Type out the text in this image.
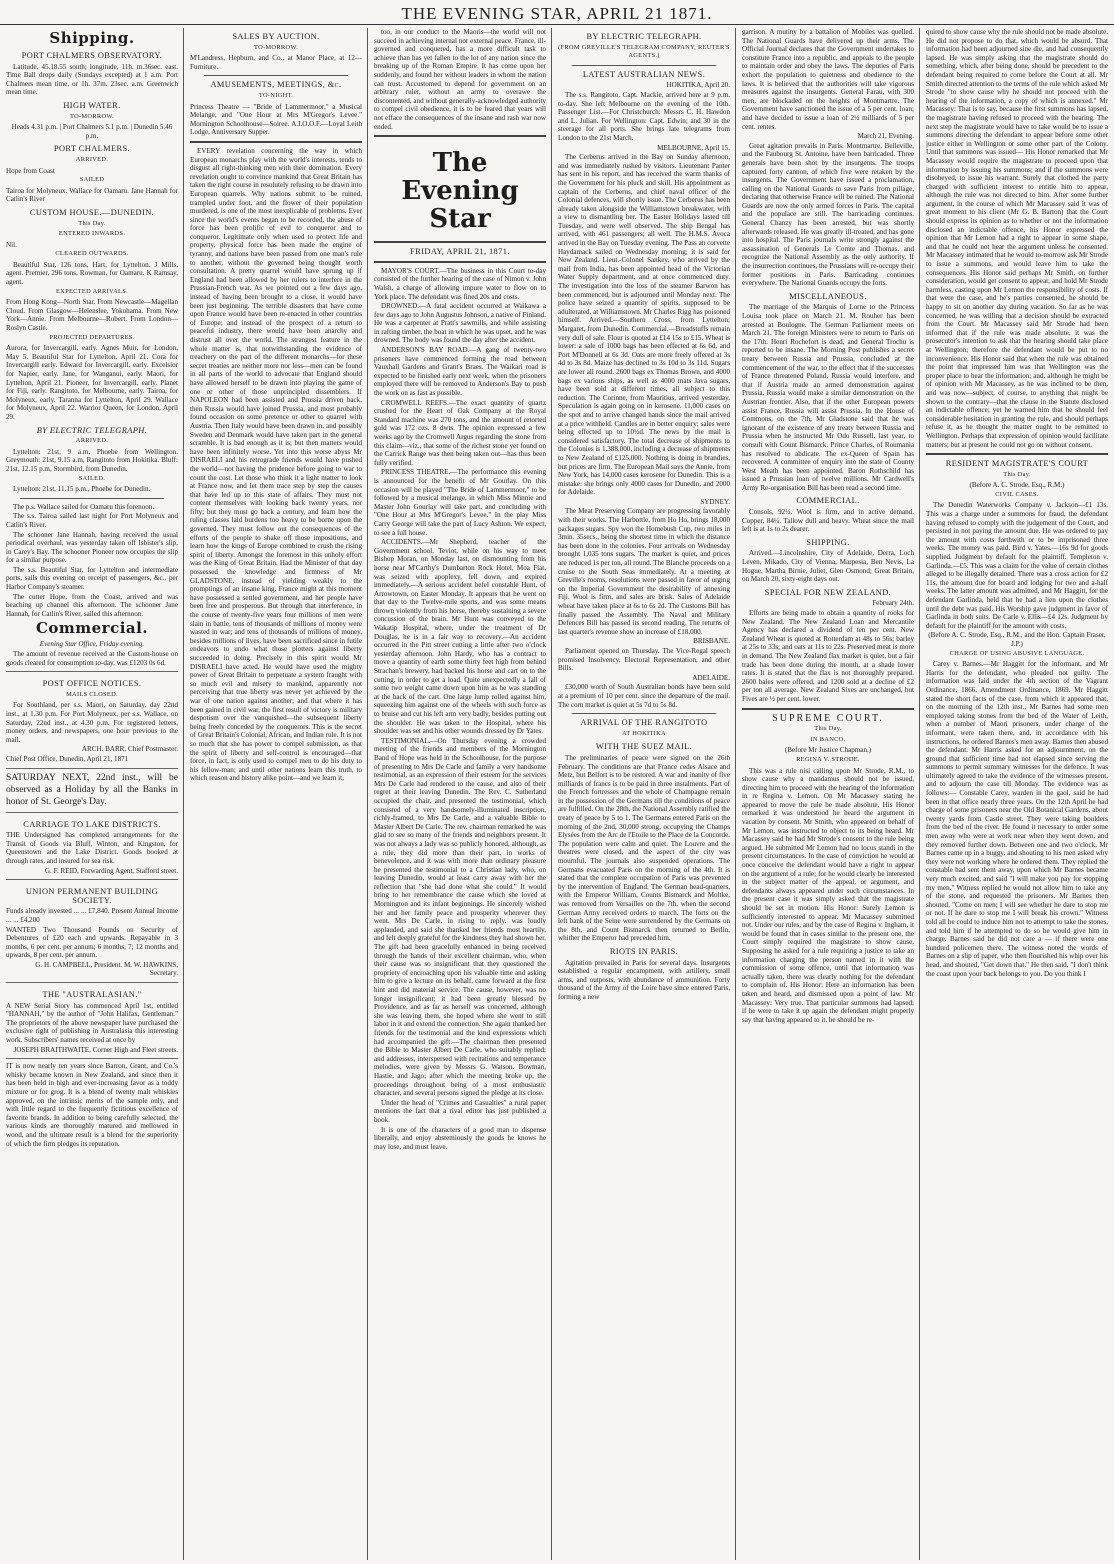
THE EVENING STAR, APRIL 21 1871.
Shipping.
PORT CHALMERS OBSERVATORY.

Latitude, 45.18.55 south; longitude, 11h. m.36sec. east. Time Ball drops daily (Sundays excepted) at 1 a.m. Port Chalmers mean time, or 1h. 37m. 23sec. a.m. Greenwich mean time.

HIGH WATER.
TO-MORROW.

Heads 4.31 p.m. | Port Chalmers 5.1 p.m. | Dunedin 5.46 p.m.

PORT CHALMERS.
ARRIVED.

Hope from Coast

SAILED

Tairoa for Molyneux. Wallace for Oamaru. Jane Hannah for Catlin's River

CUSTOM HOUSE.—DUNEDIN.
This Day.
ENTERED INWARDS.

Nil.

CLEARED OUTWARDS.

Beautiful Star, 126 tons, Hart, for Lyttelton. J Mills, agent. Premier, 296 tons, Rowman, for Oamaru. K Ramsay, agent.

EXPECTED ARRIVALS.

From Hong Kong—North Star. From Newcastle—Magellan Cloud. From Glasgow—Helenslee, Yokohama. From New York—Annie. From Melbourne—Robert. From London—Roslyn Castle.

PROJECTED DEPARTURES.

Aurora, for Invercargill, early. Agnes Muir, for London, May 5. Beautiful Star for Lyttelton, April 21. Cora for Invercargill early. Edward for Invercargill, early. Excelsior for Napier, early. Jane, for Wanganui, early. Maori, for Lyttelton, April 21. Pioneer, for Invercargill, early. Planet for Fiji, early. Rangitoto, for Melbourne, early. Tairoa, for Molyneux, early. Taranna for Lyttelton, April 29. Wallace for Molyneux, April 22. Warrior Queen, for London, April 29.

BY ELECTRIC TELEGRAPH.
ARRIVED.

Lyttelton: 21st, 9 a.m, Phoebe from Wellington. Greymouth: 21st, 9.15 a.m, Rangitoto from Hokitika. Bluff: 21st, 12.15 p.m, Stormbird, from Dunedin.

SAILED.

Lyttelton: 21st, 11.15 p.m., Phoebe for Dunedin.

The p.s. Wallace sailed for Oamaru this forenoon.

The s.s. Tairoa sailed last night for Port Molyneux and Catlin's River.

The schooner Jane Hannah, having received the usual periodical overhaul, was yesterday taken off Isbister's slip, in Carey's Bay. The schooner Pioneer now occupies the slip for a similar purpose.

The s.s. Beautiful Star, for Lyttelton and intermediate ports, sails this evening on receipt of passengers, &c., per Harbor Company's steamer.

The cutter Hope, from the Coast, arrived and was beaching up channel this afternoon. The schooner Jane Hannah, for Catlin's River, sailed this afternoon.

Commercial.

Evening Star Office, Friday evening.

The amount of revenue received at the Custom-house on goods cleared for consumption to-day, was £1203 0s 6d.

POST OFFICE NOTICES.
MAILS CLOSED.

For Southland, per s.s. Maori, on Saturday, day 22nd inst., at 1.30 p.m. For Port Molyneux, per s.s. Wallace, on Saturday, 22nd inst., at 4.30 p.m. For registered letters, money orders, and newspapers, one hour previous to the mail.

ARCH. BARR, Chief Postmaster.

Chief Post Office, Dunedin, April 21, 1871

SATURDAY NEXT, 22nd inst., will be observed as a Holiday by all the Banks in honor of St. George's Day.

CARRIAGE TO LAKE DISTRICTS.

THE Undersigned has completed arrangements for the Transit of Goods via Bluff, Winton, and Kingston, for Queenstown and the Lake District. Goods booked at through rates, and insured for sea risk.

G. F. REID, Forwarding Agent, Stafford street.

UNION PERMANENT BUILDING SOCIETY.

Funds already invested ... ... £7,840. Present Annual Income ... ... £4,200

WANTED Two Thousand Pounds on Security of Debentures of £20 each and upwards. Repayable in 3 months, 6 per cent. per annum; 6 months, 7; 12 months and upwards, 8 per cent. per annum.

G. H. CAMPBELL, President. M. W. HAWKINS, Secretary.

THE "AUSTRALASIAN."

A NEW Serial Story has commenced April 1st, entitled "HANNAH," by the author of "John Halifax, Gentleman." The proprietors of the above newspaper have purchased the exclusive right of publishing in Australasia this interesting work. Subscribers' names received at once by

JOSEPH BRAITHWAITE, Corner High and Fleet streets.

IT is now nearly ten years since Barron, Grant, and Co.'s whisky became known in New Zealand, and since then it has been held in high and ever-increasing favor as a toddy mixture or for grog. It is a blend of twenty malt whiskies approved, on the intrinsic merits of the sample only, and with little regard to the frequently fictitious excellence of favorite brands. In addition to being carefully selected, the various kinds are thoroughly matured and mellowed in wood, and the ultimate result is a blend for the superiority of which the firm pledges its reputation.

SALES BY AUCTION.
TO-MORROW.

M'Landress, Hepburn, and Co., at Manor Place, at 12—Furniture.

AMUSEMENTS, MEETINGS, &c.
TO-NIGHT.

Princess Theatre — "Bride of Lammermoor," a Musical Melange, and "One Hour at Mrs M'Gregor's Levee." Mornington Schoolhouse—Soiree. A.I.O.O.F.—Loyal Leith Lodge, Anniversary Supper.

EVERY revelation concerning the way in which European monarchs play with the world's interests, tends to disgust all right-thinking men with their domination. Every revelation ought to convince mankind that Great Britain has taken the right course in resolutely refusing to be drawn into European quarrels. Why nations submit to be ruined, trampled under foot, and the flower of their population murdered, is one of the most inexplicable of problems. Ever since the world's events began to be recorded, the abuse of force has been prolific of evil to conqueror and to conqueror. Legitimate only when used to protect life and property, physical force has been made the engine of tyranny, and nations have been passed from one man's rule to another, without the governed being thought worth consultation. A pretty quarrel would have sprung up if England had been allowed by her rulers to interfere in the Prussian-French war. As we pointed out a few days ago, instead of having been brought to a close, it would have been just beginning. The terrible disasters that have come upon France would have been re-enacted in other countries of Europe; and instead of the prospect of a return to peaceful industry, there would have been anarchy and distrust all over the world. The strangest feature in the whole matter is, that notwithstanding the evidence of treachery on the part of the different monarchs—for these secret treaties are neither more nor less—men can be found in all parts of the world to advocate that England should have allowed herself to be drawn into playing the game of one or other of those unprincipled dissemblers. If NAPOLEON had been assisted and Prussia driven back, then Russia would have joined Prussia, and most probably found occasion on some pretence or other to quarrel with Austria. Then Italy would have been drawn in, and possibly Sweden and Denmark would have taken part in the general scramble. It is bad enough as it is; but then matters would have been infinitely worse. Yet into this worse abyss Mr DISRAELI and his retrograde friends would have pushed the world—not having the prudence before going to war to count the cost. Let those who think it a light matter to look at France now, and let them trace step by step the causes that have led up to this state of affairs. They must not content themselves with looking back twenty years, nor fifty; but they must go back a century, and learn how the ruling classes laid burdens too heavy to be borne upon the governed. They must follow out the consequences of the efforts of the people to shake off those impositions, and learn how the kings of Europe combined to crush the rising spirit of liberty. Amongst the foremost in this unholy effort was the King of Great Britain. Had the Minister of that day possessed the knowledge and firmness of Mr GLADSTONE, instead of yielding weakly to the promptings of an insane king, France might at this moment have possessed a settled government, and her people have been free and prosperous. But through that interference, in the course of twenty-five years four millions of men were slain in battle, tens of thousands of millions of money were wasted in war; and tens of thousands of millions of money, besides millions of lives, have been sacrificed since in futile endeavors to undo what those plotters against liberty succeeded in doing. Precisely in this spirit would Mr DISRAELI have acted. He would have used the mighty power of Great Britain to perpetuate a system fraught with so much evil and misery to mankind, apparently not perceiving that true liberty was never yet achieved by the war of one nation against another; and that where it has been gained in civil war, the first result of victory is military despotism over the vanquished—the subsequent liberty being freely conceded by the conquerors. This is the secret of Great Britain's Colonial, African, and Indian rule. It is not so much that she has power to compel submission, as that the spirit of liberty and self-control is encouraged—that force, in fact, is only used to compel men to do his duty to his fellow-man; and until other nations learn this truth, to which reason and history alike point—and we learn it,

too, in our conduct to the Maoris—the world will not succeed in achieving internal nor external peace. France, ill-governed and conquered, has a more difficult task to achieve than has yet fallen to the lot of any nation since the breaking up of the Roman Empire. It has come upon her suddenly, and found her without leaders in whom the nation can trust. Accustomed to depend for government on an arbitrary ruler, without an army to overawe the discontented, and without generally-acknowledged authority to compel civil obedience, it is to be feared that years will not efface the consequences of the insane and rash war now ended.

The Evening Star
FRIDAY, APRIL 21, 1871.

MAYOR'S COURT.—The business in this Court to-day consisted of the further hearing of the case of Nimon v. John Walsh, a charge of allowing impure water to flow on to York place. The defendant was fined 20s and costs.

DROWNED.—A fatal accident occurred at Waikawa a few days ago to John Augustus Johnson, a native of Finland. He was a carpenter at Pratt's sawmills, and while assisting in rafting timber, the boat in which he was upset, and he was drowned. The body was found the day after the accident.

ANDERSON'S BAY ROAD.—A gang of twenty-two prisoners have commenced forming the road between Vauxhall Gardens and Grant's Braes. The Waikari road is expected to be finished early next week, when the prisoners employed there will be removed to Anderson's Bay to push the work on as fast as possible.

CROMWELL REEFS.—The exact quantity of quartz crushed for the Heart of Oak Company at the Royal Standard machine was 270 tons, and the amount of retorted gold was 172 ozs. 8 dwts. The opinion expressed a few weeks ago by the Cromwell Argus regarding the stone from this claim—viz., that some of the richest stone yet found on the Carrick Range was then being taken out—has thus been fully verified.

PRINCESS THEATRE.—The performance this evening is announced for the benefit of Mr Gourlay. On this occasion will be played "The Bride of Lammermoor," to be followed by a musical melange, in which Miss Minnie and Master John Gourlay will take part, and concluding with "One Hour at Mrs M'Gregor's Levee." In the play Miss Carry George will take the part of Lucy Ashton. We expect, to see a full house.

ACCIDENTS.—Mr Shepherd, teacher of the Government school, Teviot, while on his way to meet Bishop Moran, on Monday last, on dismounting from his horse near M'Carthy's Dumbarton Rock Hotel, Moa Flat, was seized with apoplexy, fell down, and expired immediately.—A serious accident befel constable Hunt, of Arrowtown, on Easter Monday. It appears that he went on that day to the Twelve-mile sports, and was some means thrown violently from his horse, thereby sustaining a severe concussion of the brain. Mr Hunt was conveyed to the Wakatip Hospital, where, under the treatment of Dr Douglas, he is in a fair way to recovery.—An accident occurred in the Pitt street cutting a little after two o'clock yesterday afternoon. John Hardy, who has a contract to move a quantity of earth some thirty feet high from behind Strachan's brewery, had backed his horse and cart on to the cutting, in order to get a load. Quite unexpectedly a fall of some two weight came down upon him as he was standing at the back of the cart. One large lump rolled against him, squeezing him against one of the wheels with such force as to bruise and cut his left arm very badly, besides putting out the shoulder. He was taken to the Hospital, where his shoulder was set and his other wounds dressed by Dr Yates.

TESTIMONIAL.—On Thursday evening a crowded meeting of the friends and members of the Mornington Band of Hope was held in the Schoolhouse, for the purpose of presenting to Mrs De Carle and family a very handsome testimonial, as an expression of their esteem for the services Mrs De Carle had rendered to the cause, and also of their regret at their leaving Dunedin. The Rev. C. Sutherland occupied the chair, and presented the testimonial, which consisted of a very handsomely-illuminated inscription, richly-framed, to Mrs De Carle, and a valuable Bible to Master Albert De Carle. The rev. chairman remarked he was glad to see so many of the friends and neighbors present. It was not always a lady was so publicly honored, although, as a rule, they did more than their part, in works of benevolence, and it was with more than ordinary pleasure he presented the testimonial to a Christian lady, who, on leaving Dunedin, would at least carry away with her the reflection that "she had done what she could." It would bring to her remembrance the cause which she loved at Mornington and its infant beginnings. He sincerely wished her and her family peace and prosperity wherever they went. Mrs De Carle, in rising to reply, was loudly applauded, and said she thanked her friends most heartily, and felt deeply grateful for the kindness they had shown her. The gift had been gracefully enhanced in being received through the hands of their excellent chairman, who, when their cause was so insignificant that they questioned the propriety of encroaching upon his valuable time and asking him to give a lecture on its behalf, came forward at the first hint and did material service. The cause, however, was no longer insignificant; it had been greatly blessed by Providence, and as far as herself was concerned, although she was leaving them, she hoped where she went to still labor in it and extend the connection. She again thanked her friends for the testimonial and the kind expressions which had accompanied the gift.—The chairman then presented the Bible to Master Albert De Carle, who suitably replied; and addresses, interspersed with recitations and temperance melodies, were given by Messrs G. Watson, Bowman, Hastie, and Jago; after which the meeting broke up, the proceedings throughout being of a most enthusiastic character, and several persons signed the pledge at its close.

Under the head of "Crimes and Casualties" a rural paper mentions the fact that a rival editor has just published a book.

It is one of the characters of a good man to dispense liberally, and enjoy abstemiously the goods he knows he may lose, and must leave.

BY ELECTRIC TELEGRAPH.
(FROM GREVILLE'S TELEGRAM COMPANY, REUTER'S AGENTS.)
LATEST AUSTRALIAN NEWS.

HOKITIKA, April 20.

The s.s. Rangitoto, Capt. Mackie, arrived here at 9 p.m. to-day. She left Melbourne on the evening of the 10th. Passenger List.—For Christchurch: Messrs C. H. Hawdon and L. Julian. For Wellington: Capt. Edwin; and 30 in the steerage for all ports. She brings late telegrams from London to the 21st March.

MELBOURNE, April 15.

The Cerberus arrived in the Bay on Sunday afternoon, and was immediately rushed by visitors. Lieutenant Panter has sent in his report, and has received the warm thanks of the Government for his pluck and skill. His appointment as captain of the Cerberus, and chief naval officer of the Colonial defences, will shortly issue. The Cerberus has been already taken alongside the Williamstown breakwater, with a view to dismantling her. The Easter Holidays lasted till Tuesday, and were well observed. The ship Bengal has arrived, with 461 passengers; all well. The H.M.S. Avoca arrived in the Bay on Tuesday evening. The Pass an corvette Haydamack sailed on Wednesday morning; it is said for New Zealand. Lieut.-Colonel Sankey, who arrived by the mail from India, has been appointed head of the Victorian Water Supply department, and at once commenced duty. The investigation into the loss of the steamer Barwon has been commenced, but is adjourned until Monday next. The police have seized a quantity of spirits, supposed to be adulterated, at Williamstown. Mr Charles Rigg has poisoned himself. Arrived.—Southern Cross, from Lyttelton; Margaret, from Dunedin. Commercial.—Breadstuffs remain very dull of sale. Flour is quoted at £14 15s to £15. Wheat is lower: a sale of 1000 bags has been effected at 6s 6d, and Port M'Donnell at 6s 3d. Oats are more freely offered at 3s 4d to 3s 8d. Maize has declined to 3s 10d to 3s 11d. Sugars are lower all round. 2600 bags ex Thomas Brown, and 4000 bags ex various ships, as well as 4000 mats Java sugars, have been sold at different times, all subject to this reduction. The Corinne, from Mauritius, arrived yesterday. Speculation is again going on in kerosene. 11,000 cases on the spot and to arrive changed hands since the mail arrived at a price withheld. Candles are in better enquiry; sales were being effected up to 10½d. The news by the mail is considered satisfactory. The total decrease of shipments to the Colonies is 1,388,000, including a decrease of shipments to New Zealand of £125,000. Nothing is doing in brandies, but prices are firm. The European Mail says the Annie, from New York, has 14,000 cases kerosene for Dunedin. This is a mistake: she brings only 4000 cases for Dunedin, and 2000 for Adelaide.

SYDNEY.

The Meat Preserving Company are progressing favorably with their works. The Harbottle, from Ho Ho, brings 18,000 packages sugars. Spy won the Homebush Cup, two miles in 3min. 35secs., being the shortest time in which the distance has been done in the colonies. Four arrivals on Wednesday brought 1,035 tons sugars. The market is quiet, and prices are reduced 1s per ton, all round. The Blanche proceeds on a cruise to the South Seas immediately. At a meeting at Greville's rooms, resolutions were passed in favor of urging on the Imperial Government the desirability of annexing Fiji. Wool is firm, and sales are brisk. Sales of Adelaide wheat have taken place at 6s to 6s 2d. The Customs Bill has finally passed the Assembly. The Naval and Military Defences Bill has passed its second reading. The returns of last quarter's revenue show an increase of £18,000.

BRISBANE.

Parliament opened on Thursday. The Vice-Regal speech promised Insolvency, Electoral Representation, and other Bills.

ADELAIDE.

£30,000 worth of South Australian bonds have been sold at a premium of 10 per cent. since the departure of the mail. The corn market is quiet at 5s 7d to 5s 8d.

ARRIVAL OF THE RANGITOTO
AT HOKITIKA
WITH THE SUEZ MAIL.

The preliminaries of peace were signed on the 26th February. The conditions are that France cedes Alsace and Metz, but Belfort is to be restored. A war and inanity of five milliards of francs is to be paid in three instalments. Part of the French fortresses and the whole of Champagne remain in the possession of the Germans till the conditions of peace are fulfilled. On the 28th, the National Assembly ratified the treaty of peace by 5 to 1. The Germans entered Paris on the morning of the 2nd, 30,000 strong, occupying the Champs Elysées from the Arc de l'Etoile to the Place de la Concorde. The population were calm and quiet. The Louvre and the theatres were closed, and the aspect of the city was mournful. The journals also suspended operations. The Germans evacuated Paris on the morning of the 4th. It is stated that the complete occupation of Paris was prevented by the intervention of England. The German head-quarters, with the Emperor William, Counts Bismarck and Moltke, was removed from Versailles on the 7th, when the second German Army received orders to march. The forts on the left bank of the Seine were surrendered by the Germans on the 8th, and Count Bismarck then returned to Berlin, whither the Emperor had preceded him.

RIOTS IN PARIS.

Agitation prevailed in Paris for several days. Insurgents established a regular encampment, with artillery, small arms, and outposts, with abundance of ammunition. Forty thousand of the Army of the Loire have since entered Paris, forming a new

garrison. A mutiny by a battalion of Mobiles was quelled. The National Guards have delivered up their arms. The Official Journal declares that the Government undertakes to constitute France into a republic, and appeals to the people to maintain order and obey the laws. The deputies of Paris exhort the population to quietness and obedience to the laws. It is believed that the authorities will take vigorous measures against the insurgents. General Farau, with 300 men, are blockaded on the heights of Montmartre. The Government have sanctioned the issue of a 5 per cent. loan; and have decided to issue a loan of 2½ milliards of 5 per cent. rentes.

March 21, Evening.

Great agitation prevails in Paris. Montmartre, Belleville, and the Faubourg St. Antoine, have been barricaded. Three generals have been shot by the insurgents. The troops captured forty cannon, of which five were retaken by the insurgents. The Government have issued a proclamation, calling on the National Guards to save Paris from pillage, declaring that otherwise France will be ruined. The National Guards are now the only armed forces in Paris. The capital and the populace are still. The barricading continues. General Chanzy has been arrested, but was shortly afterwards released. He was greatly ill-treated, and has gone into hospital. The Paris journals write strongly against the assassination of Generals Le Comte and Thomas, and recognize the National Assembly as the only authority. If the insurrection continues, the Prussians will re-occupy their former positions in Paris. Barricading continues everywhere. The National Guards occupy the forts.

MISCELLANEOUS.

The marriage of the Marquis of Lorne to the Princess Louisa took place on March 21. M. Rouher has been arrested at Boulogne. The German Parliament meets on March 21. The foreign Ministers were to return to Paris on the 17th. Henri Rochefort is dead, and General Trochu is reported to be insane. The Morning Post publishes a secret treaty between Russia and Prussia, concluded at the commencement of the war, to the effect that if the successes of France threatened Poland, Russia would interfere, and that if Austria made an armed demonstration against Prussia, Russia would make a similar demonstration on the Austrian frontier. Also, that if the other European powers assist France, Russia will assist Prussia. In the House of Commons, on the 7th, Mr Gladstone said that he was ignorant of the existence of any treaty between Russia and Prussia when he instructed Mr Odo Russell, last year, to consult with Count Bismarck. Prince Charles, of Roumania has resolved to abdicate. The ex-Queen of Spain has recovered. A committee of enquiry into the state of County West Meath has been appointed. Baron Rothschild has issued a Prussian loan of twelve millions. Mr Cardwell's Army Re-organisation Bill has been read a second time.

COMMERCIAL.

Consols, 92½. Wool is firm, and in active demand. Copper, 84¼. Tallow dull and heavy. Wheat since the mail left is at 1s to 2s dearer.

SHIPPING.

Arrived.—Lincolnshire, City of Adelaide, Derra, Loch Leven, Mikado, City of Vienna, Marpesia, Ben Nevis, La Hogue, Martha Birnie, Juliet, Glen Osmond; Great Britain, on March 20, sixty-eight days out.

SPECIAL FOR NEW ZEALAND.

February 24th.

Efforts are being made to obtain a quantity of rooks for New Zealand. The New Zealand Loan and Mercantile Agency has declared a dividend of ten per cent. New Zealand Wheat is quoted at Rotterdam at 48s to 56s; barley at 25s to 33s; and oats at 11s to 22s. Preserved meat is more in demand. The New Zealand flax market is quiet, but a fair trade has been done during the month, at a shade lower rates. It is stated that the flax is not thoroughly prepared. 2600 bales were offered, and 1200 sold at a decline of £2 per ton all average. New Zealand Sixes are unchanged, but Fives are ½ per cent. lower.

SUPREME COURT.
This Day.
IN BANCO.

(Before Mr Justice Chapman.)

REGINA V. STRODE.

This was a rule nisi calling upon Mr Strode, R.M., to show cause why a mandamus should not be issued, directing him to proceed with the hearing of the information in re Regina v. Lemon. On Mr Macassey stating he appeared to move the rule be made absolute, His Honor remarked it was understood he heard the argument in vacation by consent. Mr Smith, who appeared on behalf of Mr Lemon, was instructed to object to its being heard. Mr Macassey said he had Mr Strode's consent to the rule being argued. He submitted Mr Lemon had no locus standi in the present circumstances. In the case of conviction he would at once conceive the defendant would have a right to appear on the argument of a rule; for he would clearly be interested in the subject matter of the appeal, or argument, and defendants always appeared under such circumstances. In the present case it was simply asked that the magistrate should be set in motion. His Honor: Surely Lemon is sufficiently interested to appear. Mr Macassey submitted not. Under our rules, and by the case of Regina v. Ingham, it would be found that in cases similar to the present one, the Court simply required the magistrate to show cause. Supposing he asked for a rule requiring a justice to take an information charging the person named in it with the commission of some offence, until that information was actually taken, there was clearly nothing for the defendant to complain of. His Honor: Here an information has been taken and heard, and dismissed upon a point of law. Mr Macassey: Very true. That particular summons had lapsed; if he were to take it up again the defendant might properly say that having appeared to it, he should be re-

quired to show cause why the rule should not be made absolute. He did not propose to do that, which would be absurd. That information had been adjourned sine die, and had consequently lapsed. He was simply asking that the magistrate should do something, which, after being done, should be precedent to the defendant being required to come before the Court at all. Mr Smith directed attention to the terms of the rule which asked Mr Strode "to show cause why he should not proceed with the hearing of the information, a copy of which is annexed." Mr Macassey: That is to say, because the first summons has lapsed, the magistrate having refused to proceed with the hearing. The next step the magistrate would have to take would be to issue a summons directing the defendant to appear before some other justice either in Wellington or some other part of the Colony. Until that summons was issued— His Honor remarked that Mr Macassey would require the magistrate to proceed upon that information by issuing his summons; and if the summons were disobeyed, to issue his warrant. Surely that clothed the party charged with sufficient interest to entitle him to appear, although the rule was not directed to him. After some further argument, in the course of which Mr Macassey said it was of great moment to his client (Mr G. B. Barton) that the Court should express its opinion as to whether or not the information disclosed an indictable offence, his Honor expressed the opinion that Mr Lemon had a right to appear in some shape, and that he could not hear the argument unless he consented. Mr Macassey intimated that he would to-morrow ask Mr Strode to issue a summons, and would leave him to take the consequences. His Honor said perhaps Mr Smith, on further consideration, would get consent to appear, and hold Mr Strode harmless, casting upon Mr Lemon the responsibility of costs. If that were the case, and he's parties consented, he should be happy to sit on another day during vacation. So far as he was concerned, he was willing that a decision should be extracted from the Court. Mr Macassey said Mr Strode had been informed that if the rule was made absolute, it was the prosecutor's intention to ask that the hearing should take place at Wellington; therefore the defendant would be put to no inconvenience. His Honor said that when the rule was obtained the point that impressed him was that Wellington was the proper place to hear the information; and, although he might be of opinion with Mr Macassey, as he was inclined to be then, and was now—subject, of course, to anything that might be shown to the contrary—that the clause in the Statute disclosed an indictable offence; yet he warned him that he should feel considerable hesitation in granting the rule, and should perhaps refuse it, as he thought the matter ought to be remitted to Wellington. Perhaps that expression of opinion would facilitate matters; but at present he could not go on without consent.

RESIDENT MAGISTRATE'S COURT
This Day.

(Before A. C. Strode, Esq., R.M.)

CIVIL CASES.

The Dunedin Waterworks Company v. Jackson—£1 13s. This was a charge under a summons for fraud, the defendant having refused to comply with the judgement of the Court, and persisted in not paying the amount due. He was ordered to pay the amount with costs forthwith or to be imprisoned three weeks. The money was paid. Bird v. Yates.—16s 9d for goods supplied. Judgment by default for the plaintiff. Templeton v. Garlinda.—£5. This was a claim for the value of certain clothes alleged to be illegally detained. There was a cross action for £2 11s, the amount due for board and lodging for two and a-half weeks. The latter amount was admitted, and Mr Haggitt, for the defendant Garlinda, held that he had a lien upon the clothes until the debt was paid. His Worship gave judgment in favor of Garlinda in both suits. De Carle v. Ellis—£4 12s. Judgment by default for the plaintiff for the amount with costs.

(Before A. C. Strode, Esq., R.M., and the Hon. Captain Fraser, J.P.)

CHARGE OF USING ABUSIVE LANGUAGE.

Carey v. Barnes.—Mr Haggitt for the informant, and Mr Harris for the defendant, who pleaded not guilty. The information was laid under the 4th section of the Vagrant Ordinance, 1866, Amendment Ordinance, 1869. Mr Haggitt stated the short facts of the case, from which it appeared that, on the morning of the 12th inst., Mr Barnes had some men employed taking stones from the bed of the Water of Leith, when a number of Maori prisoners, under charge of the informant, were taken there, and, in accordance with his instructions, he ordered Barnes's men away. Barnes then abused the defendant. Mr Harris asked for an adjournment, on the ground that sufficient time had not elapsed since serving the summons to permit summary witnesses for the defence. It was ultimately agreed to take the evidence of the witnesses present, and to adjourn the case till Monday. The evidence was as follows:— Constable Carey, warden in the gaol, said he had been in that office nearly three years. On the 12th April he had charge of some prisoners near the Old Botanical Gardens, about twenty yards from Castle street. They were taking boulders from the bed of the river. He found it necessary to order some men away who were at work near when they went down, and they removed further down. Between one and two o'clock, Mr Barnes came up in a buggy, and shouting to his men asked why they were not working where he ordered them. They replied the constable had sent them away, upon which Mr Barnes became very much excited, and said "I will make you pay for stopping my men." Witness replied he would not allow him to take any of the stone, and requested the prisoners. Mr Barnes then shouted, "Come on men; I will see whether he dare to stop me or not. If he dare to stop me I will break his crown." Witness told all he could to induce him not to attempt to take the stones, and told him if he attempted to do so he would give him in charge. Barnes said he did not care a — if there were one hundred policemen there. The witness noted the words of Barnes on a slip of paper, who then flourished his whip over his head, and shouted, "Get down that." He then said, "I don't think the coast upon your back belongs to you. Do you think I
